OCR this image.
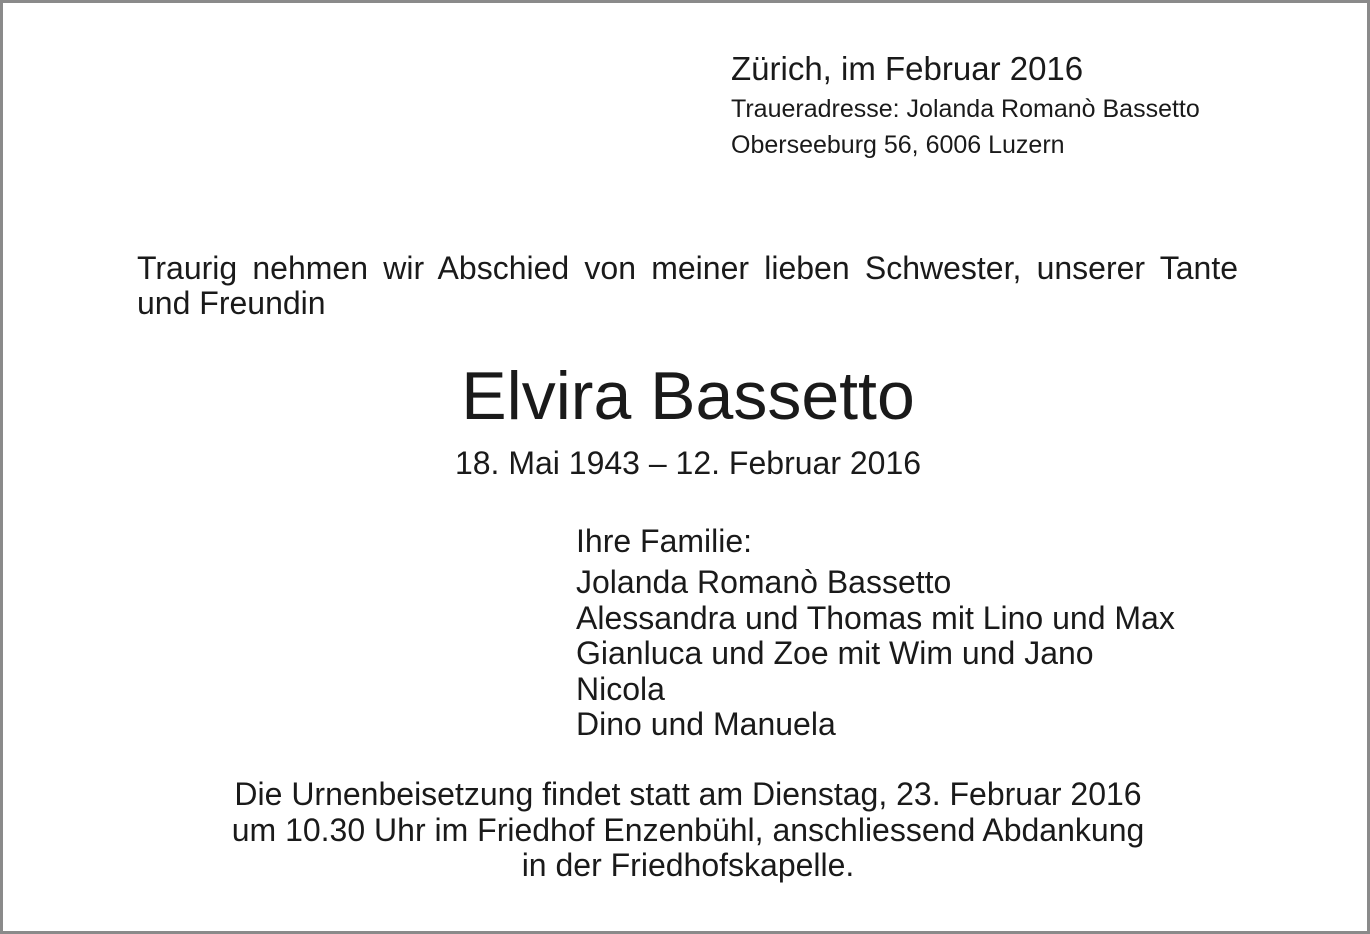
Zürich, im Februar 2016
Traueradresse: Jolanda Romanò Bassetto
Oberseeburg 56, 6006 Luzern
Traurig nehmen wir Abschied von meiner lieben Schwester, unserer Tante und Freundin
Elvira Bassetto
18. Mai 1943 – 12. Februar 2016
Ihre Familie:
Jolanda Romanò Bassetto
Alessandra und Thomas mit Lino und Max
Gianluca und Zoe mit Wim und Jano
Nicola
Dino und Manuela
Die Urnenbeisetzung findet statt am Dienstag, 23. Februar 2016
um 10.30 Uhr im Friedhof Enzenbühl, anschliessend Abdankung
in der Friedhofskapelle.
